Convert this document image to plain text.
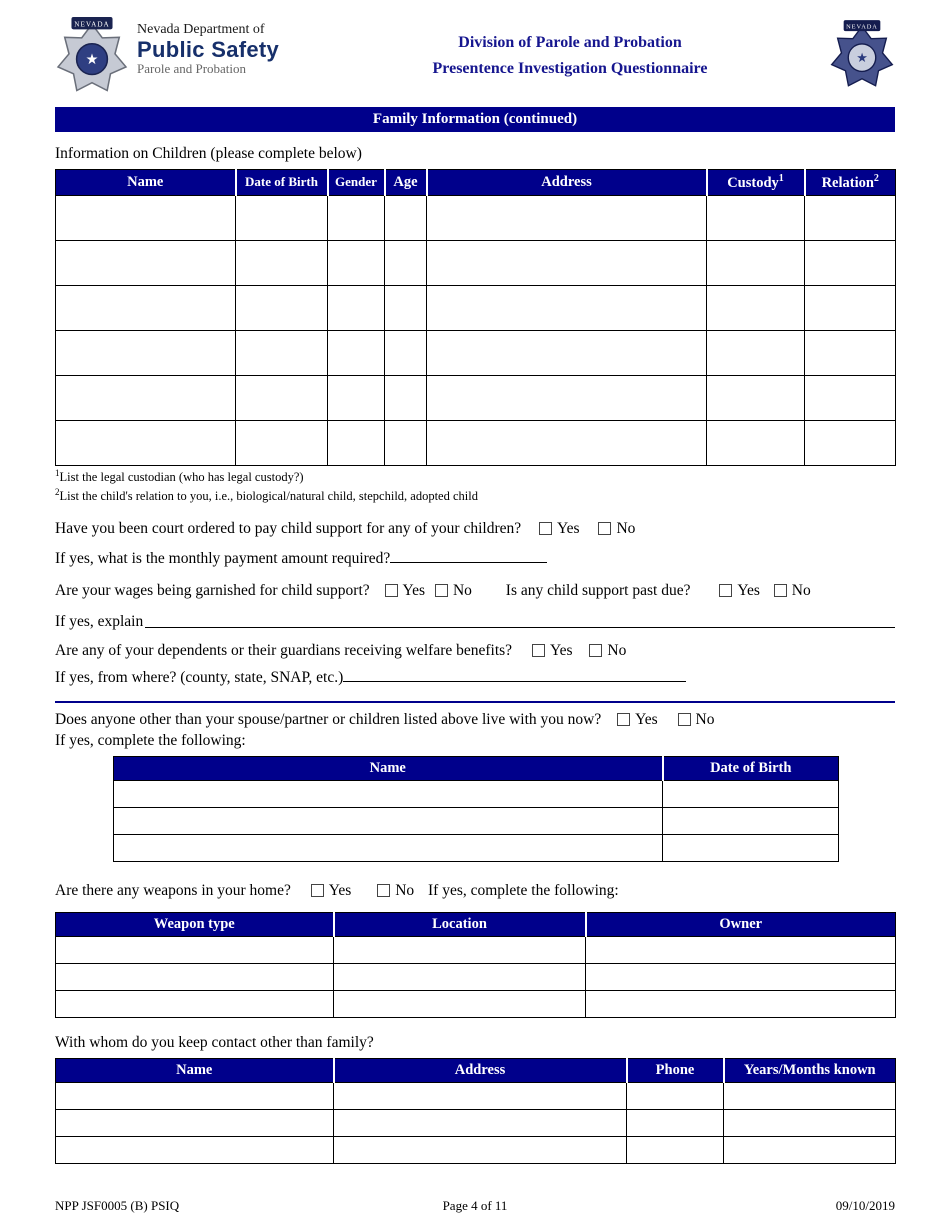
★
NEVADA Nevada Department of
Public Safety
Parole and Probation
Division of Parole and Probation
Presentence Investigation Questionnaire
★
NEVADA
Family Information (continued)
Information on Children (please complete below)
Name	Date of Birth	Gender	Age	Address	Custody$^1$	Relation$^2$

$^1$List the legal custodian (who has legal custody?)
$^2$List the child's relation to you, i.e., biological/natural child, stepchild, adopted child
Have you been court ordered to pay child support for any of your children? Yes No
If yes, what is the monthly payment amount required?
Are your wages being garnished for child support? Yes No Is any child support past due?	Yes No
If yes, explain
Are any of your dependents or their guardians receiving welfare benefits? Yes No
If yes, from where? (county, state, SNAP, etc.)
Does anyone other than your spouse/partner or children listed above live with you now? Yes No
If yes, complete the following:
Name	Date of Birth

Are there any weapons in your home? Yes	No If yes, complete the following:
Weapon type	Location	Owner

With whom do you keep contact other than family?
Name	Address	Phone	Years/Months known

NPP JSF0005 (B) PSIQ	Page 4 of 11	09/10/2019
